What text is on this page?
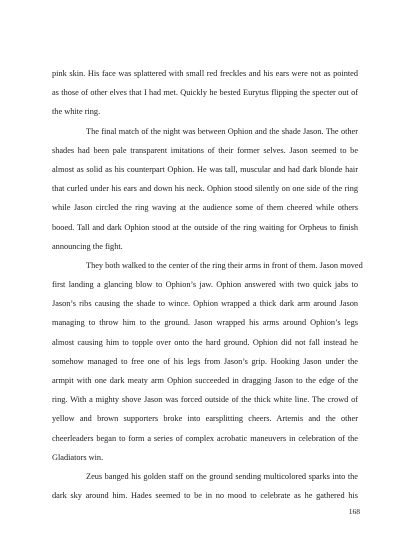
pink skin. His face was splattered with small red freckles and his ears were not as pointed
as those of other elves that I had met. Quickly he bested Eurytus flipping the specter out of
the white ring.
The final match of the night was between Ophion and the shade Jason. The other
shades had been pale transparent imitations of their former selves. Jason seemed to be
almost as solid as his counterpart Ophion. He was tall, muscular and had dark blonde hair
that curled under his ears and down his neck. Ophion stood silently on one side of the ring
while Jason circled the ring waving at the audience some of them cheered while others
booed. Tall and dark Ophion stood at the outside of the ring waiting for Orpheus to finish
announcing the fight.
They both walked to the center of the ring their arms in front of them. Jason moved
first landing a glancing blow to Ophion’s jaw. Ophion answered with two quick jabs to
Jason’s ribs causing the shade to wince. Ophion wrapped a thick dark arm around Jason
managing to throw him to the ground. Jason wrapped his arms around Ophion’s legs
almost causing him to topple over onto the hard ground. Ophion did not fall instead he
somehow managed to free one of his legs from Jason’s grip. Hooking Jason under the
armpit with one dark meaty arm Ophion succeeded in dragging Jason to the edge of the
ring. With a mighty shove Jason was forced outside of the thick white line. The crowd of
yellow and brown supporters broke into earsplitting cheers. Artemis and the other
cheerleaders began to form a series of complex acrobatic maneuvers in celebration of the
Gladiators win.
Zeus banged his golden staff on the ground sending multicolored sparks into the
dark sky around him. Hades seemed to be in no mood to celebrate as he gathered his
168
